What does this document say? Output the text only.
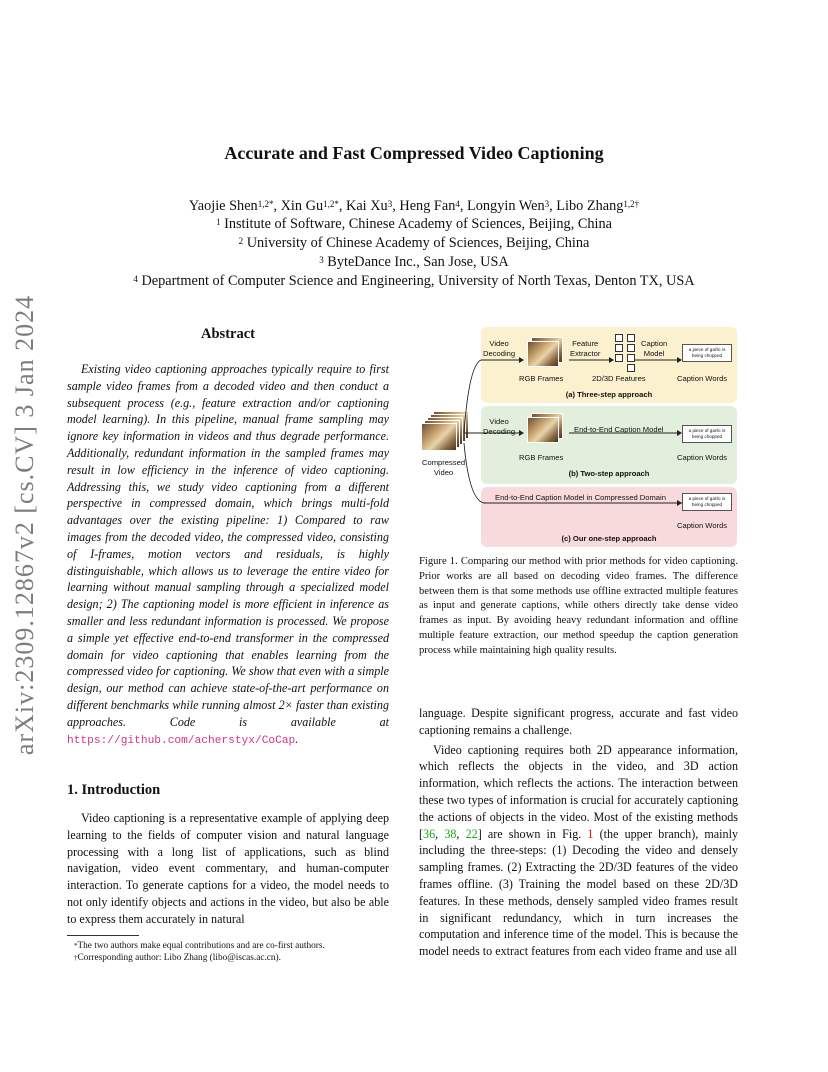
arXiv:2309.12867v2 [cs.CV] 3 Jan 2024
Accurate and Fast Compressed Video Captioning
Yaojie Shen$^{1,2*}$, Xin $Gu^{1,2*}$, Kai Xu$^3$, Heng Fan$^4$, Longyin Wen$^3$, Libo Zhang$^{1,2\dagger}$
$^1$ Institute of Software, Chinese Academy of Sciences, Beijing, China
$^2$ University of Chinese Academy of Sciences, Beijing, China
$^3$ ByteDance Inc., San Jose, USA
$^4$ Department of Computer Science and Engineering, University of North Texas, Denton TX, USA
Abstract

Existing video captioning approaches typically require to first sample video frames from a decoded video and then conduct a subsequent process (e.g., feature extraction and/or captioning model learning). In this pipeline, manual frame sampling may ignore key information in videos and thus degrade performance. Additionally, redundant information in the sampled frames may result in low efficiency in the inference of video captioning. Addressing this, we study video captioning from a different perspective in compressed domain, which brings multi-fold advantages over the existing pipeline: 1) Compared to raw images from the decoded video, the compressed video, consisting of I-frames, motion vectors and residuals, is highly distinguishable, which allows us to leverage the entire video for learning without manual sampling through a specialized model design; 2) The captioning model is more efficient in inference as smaller and less redundant information is processed. We propose a simple yet effective end-to-end transformer in the compressed domain for video captioning that enables learning from the compressed video for captioning. We show that even with a simple design, our method can achieve state-of-the-art performance on different benchmarks while running almost 2× faster than existing approaches. Code is available at https://github.com/acherstyx/CoCap.

1. Introduction

Video captioning is a representative example of applying deep learning to the fields of computer vision and natural language processing with a long list of applications, such as blind navigation, video event commentary, and human-computer interaction. To generate captions for a video, the model needs to not only identify objects and actions in the video, but also be able to express them accurately in natural

*The two authors make equal contributions and are co-first authors.
†Corresponding author: Libo Zhang (libo@iscas.ac.cn).
Compressed
Video
Video
Decoding
RGB Frames
Feature
Extractor
2D/3D Features
Caption
Model	a piece of garlic is being chopped
Caption Words
(a) Three-step approach
Video
Decoding
RGB Frames
End-to-End Caption Model	a piece of garlic is being chopped
Caption Words
(b) Two-step approach
End-to-End Caption Model in Compressed Domain	a piece of garlic is being chopped
Caption Words
(c) Our one-step approach
Figure 1. Comparing our method with prior methods for video captioning. Prior works are all based on decoding video frames. The difference between them is that some methods use offline extracted multiple features as input and generate captions, while others directly take dense video frames as input. By avoiding heavy redundant information and offline multiple feature extraction, our method speedup the caption generation process while maintaining high quality results.

language. Despite significant progress, accurate and fast video captioning remains a challenge.

Video captioning requires both 2D appearance information, which reflects the objects in the video, and 3D action information, which reflects the actions. The interaction between these two types of information is crucial for accurately captioning the actions of objects in the video. Most of the existing methods [36, 38, 22] are shown in Fig. 1 (the upper branch), mainly including the three-steps: (1) Decoding the video and densely sampling frames. (2) Extracting the 2D/3D features of the video frames offline. (3) Training the model based on these 2D/3D features. In these methods, densely sampled video frames result in significant redundancy, which in turn increases the computation and inference time of the model. This is because the model needs to extract features from each video frame and use all
